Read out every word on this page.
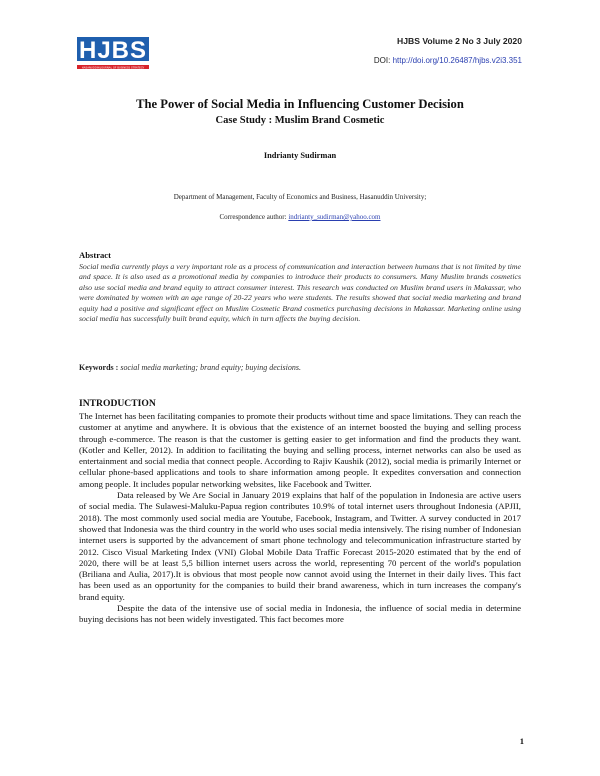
HJBS
HASANUDDIN JOURNAL OF BUSINESS STRATEGY
HJBS Volume 2 No 3 July 2020
DOI: http://doi.org/10.26487/hjbs.v2i3.351
The Power of Social Media in Influencing Customer Decision
Case Study : Muslim Brand Cosmetic
Indrianty Sudirman
Department of Management, Faculty of Economics and Business, Hasanuddin University;
Correspondence author: indrianty_sudirman@yahoo.com
Abstract
Social media currently plays a very important role as a process of communication and interaction between humans that is not limited by time and space. It is also used as a promotional media by companies to introduce their products to consumers. Many Muslim brands cosmetics also use social media and brand equity to attract consumer interest. This research was conducted on Muslim brand users in Makassar, who were dominated by women with an age range of 20-22 years who were students. The results showed that social media marketing and brand equity had a positive and significant effect on Muslim Cosmetic Brand cosmetics purchasing decisions in Makassar. Marketing online using social media has successfully built brand equity, which in turn affects the buying decision.
Keywords : social media marketing; brand equity; buying decisions.
INTRODUCTION

The Internet has been facilitating companies to promote their products without time and space limitations. They can reach the customer at anytime and anywhere. It is obvious that the existence of an internet boosted the buying and selling process through e-commerce. The reason is that the customer is getting easier to get information and find the products they want. (Kotler and Keller, 2012). In addition to facilitating the buying and selling process, internet networks can also be used as entertainment and social media that connect people. According to Rajiv Kaushik (2012), social media is primarily Internet or cellular phone-based applications and tools to share information among people. It expedites conversation and connection among people. It includes popular networking websites, like Facebook and Twitter.

Data released by We Are Social in January 2019 explains that half of the population in Indonesia are active users of social media. The Sulawesi-Maluku-Papua region contributes 10.9% of total internet users throughout Indonesia (APJII, 2018). The most commonly used social media are Youtube, Facebook, Instagram, and Twitter. A survey conducted in 2017 showed that Indonesia was the third country in the world who uses social media intensively. The rising number of Indonesian internet users is supported by the advancement of smart phone technology and telecommunication infrastructure started by 2012. Cisco Visual Marketing Index (VNI) Global Mobile Data Traffic Forecast 2015-2020 estimated that by the end of 2020, there will be at least 5,5 billion internet users across the world, representing 70 percent of the world's population (Briliana and Aulia, 2017).It is obvious that most people now cannot avoid using the Internet in their daily lives. This fact has been used as an opportunity for the companies to build their brand awareness, which in turn increases the company's brand equity.

Despite the data of the intensive use of social media in Indonesia, the influence of social media in determine buying decisions has not been widely investigated. This fact becomes more

1
